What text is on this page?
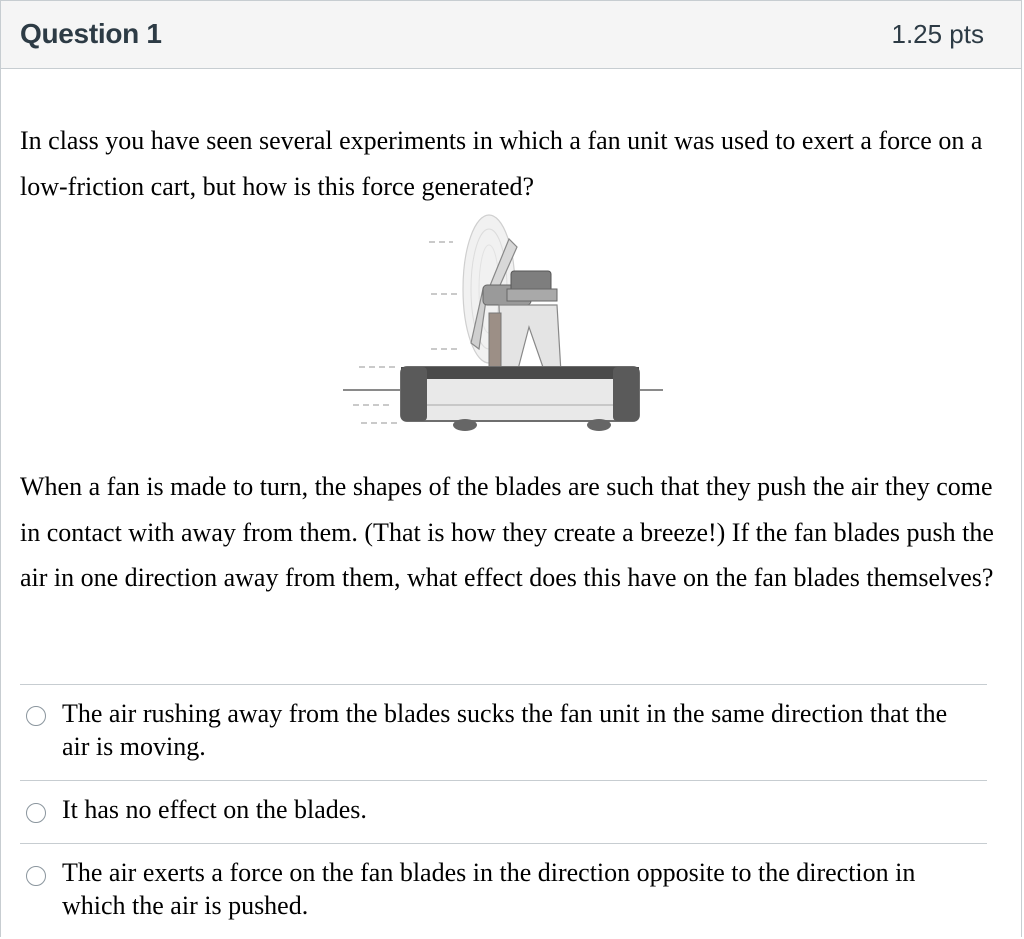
Question 1	1.25 pts

In class you have seen several experiments in which a fan unit was used to exert a force on a low-friction cart, but how is this force generated?

When a fan is made to turn, the shapes of the blades are such that they push the air they come in contact with away from them. (That is how they create a breeze!) If the fan blades push the air in one direction away from them, what effect does this have on the fan blades themselves?

The air rushing away from the blades sucks the fan unit in the same direction that the air is moving.
It has no effect on the blades.
The air exerts a force on the fan blades in the direction opposite to the direction in which the air is pushed.
